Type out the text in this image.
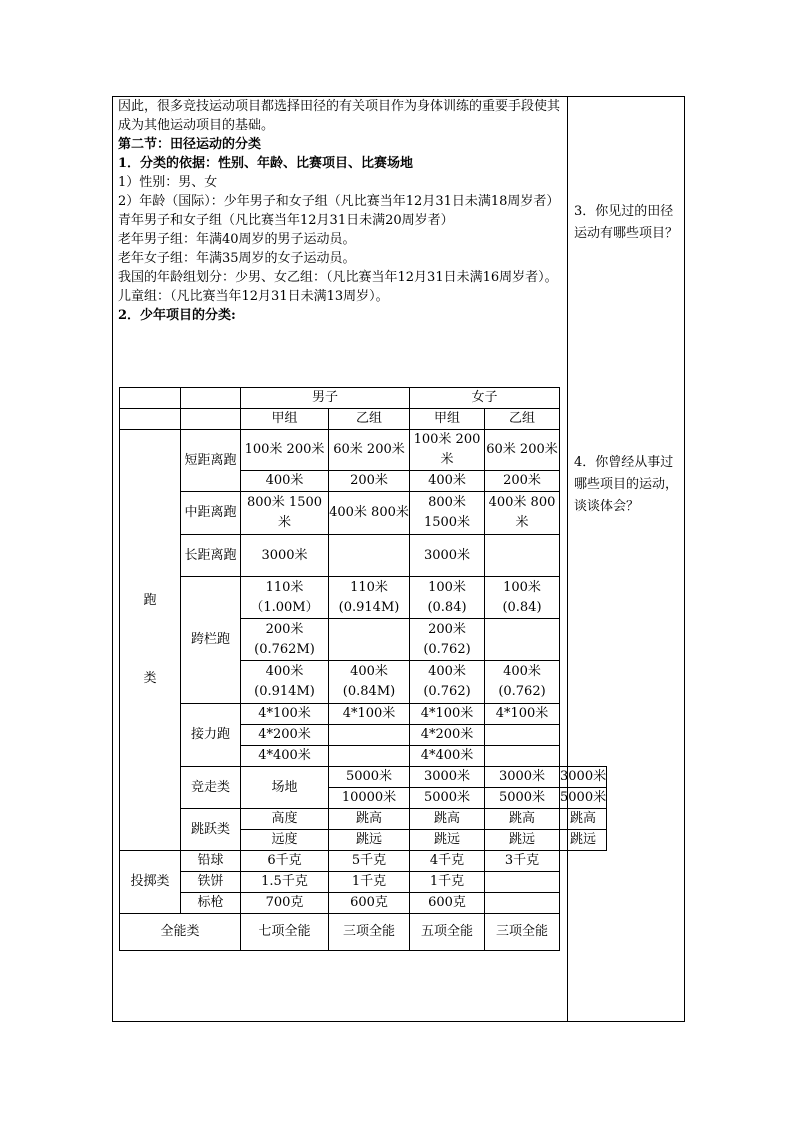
因此，很多竞技运动项目都选择田径的有关项目作为身体训练的重要手段使其成为其他运动项目的基础。

第二节：田径运动的分类

1．分类的依据：性别、年龄、比赛项目、比赛场地

1）性别：男、女

2）年龄（国际）：少年男子和女子组（凡比赛当年12月31日未满18周岁者）

青年男子和女子组（凡比赛当年12月31日未满20周岁者）

老年男子组：年满40周岁的男子运动员。

老年女子组：年满35周岁的女子运动员。

我国的年龄组划分：少男、女乙组：（凡比赛当年12月31日未满16周岁者）。

儿童组：（凡比赛当年12月31日未满13周岁）。

2．少年项目的分类:

3．你见过的田径运动有哪些项目？
4．你曾经从事过哪些项目的运动，谈谈体会？
		男子		女子		
		甲组	乙组	甲组	乙组	

跑
类	短距离跑	100米 200米	60米 200米	100米 200米	60米 200米	
		400米	200米	400米	200米	
	中距离跑	800米 1500米	400米 800米	800米 1500米	400米 800米	
	长距离跑	3000米		3000米		
	跨栏跑	110米 （1.00M）	110米 (0.914M)	100米 (0.84)	100米 (0.84)	
		200米 (0.762M)		200米 (0.762)		
		400米 (0.914M)	400米 (0.84M)	400米 (0.762)	400米 (0.762)	
	接力跑	4*100米	4*100米	4*100米	4*100米	
		4*200米		4*200米		
		4*400米		4*400米		
	竞走类	场地	5000米	3000米	3000米	3000米
			10000米	5000米	5000米	5000米
	跳跃类	高度	跳高	跳高	跳高	跳高
		远度	跳远	跳远	跳远	跳远
投掷类	铅球	6千克	5千克	4千克	3千克	
	铁饼	1.5千克	1千克	1千克		
	标枪	700克	600克	600克		
全能类		七项全能	三项全能	五项全能	三项全能	
